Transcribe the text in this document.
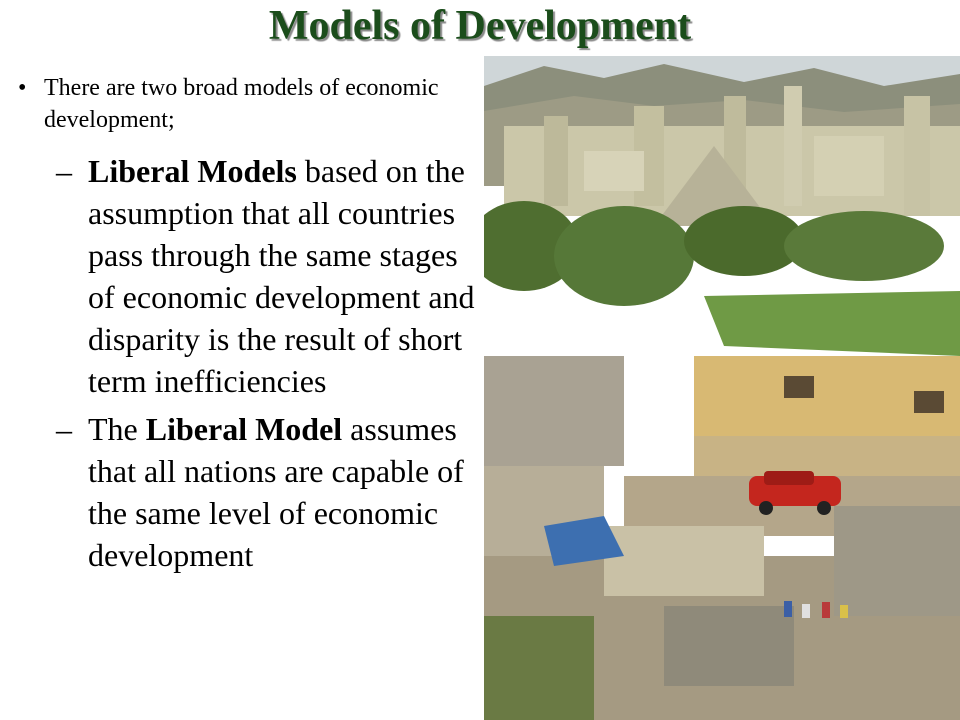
Models of Development
• There are two broad models of economic development;
– Liberal Models based on the assumption that all countries pass through the same stages of economic development and disparity is the result of short term inefficiencies
– The Liberal Model assumes that all nations are capable of the same level of economic development
